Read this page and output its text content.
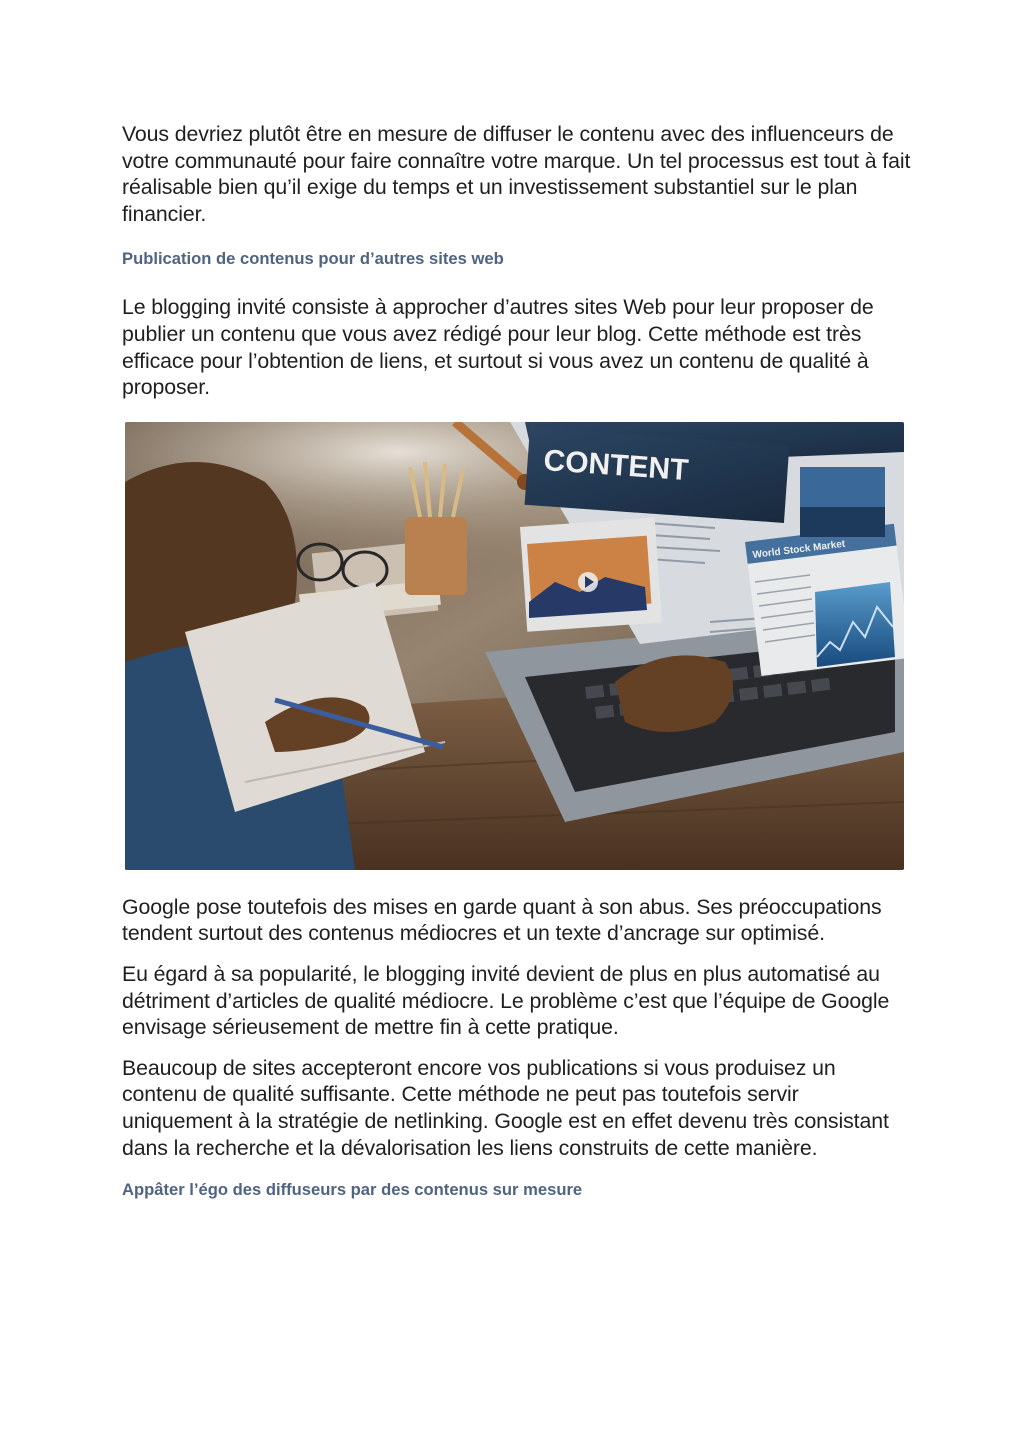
Vous devriez plutôt être en mesure de diffuser le contenu avec des influenceurs de votre communauté pour faire connaître votre marque. Un tel processus est tout à fait réalisable bien qu’il exige du temps et un investissement substantiel sur le plan financier.

Publication de contenus pour d’autres sites web

Le blogging invité consiste à approcher d’autres sites Web pour leur proposer de publier un contenu que vous avez rédigé pour leur blog. Cette méthode est très efficace pour l’obtention de liens, et surtout si vous avez un contenu de qualité à proposer.

CONTENT
World Stock Market

Google pose toutefois des mises en garde quant à son abus. Ses préoccupations tendent surtout des contenus médiocres et un texte d’ancrage sur optimisé.

Eu égard à sa popularité, le blogging invité devient de plus en plus automatisé au détriment d’articles de qualité médiocre. Le problème c’est que l’équipe de Google envisage sérieusement de mettre fin à cette pratique.

Beaucoup de sites accepteront encore vos publications si vous produisez un contenu de qualité suffisante. Cette méthode ne peut pas toutefois servir uniquement à la stratégie de netlinking. Google est en effet devenu très consistant dans la recherche et la dévalorisation les liens construits de cette manière.

Appâter l’égo des diffuseurs par des contenus sur mesure
